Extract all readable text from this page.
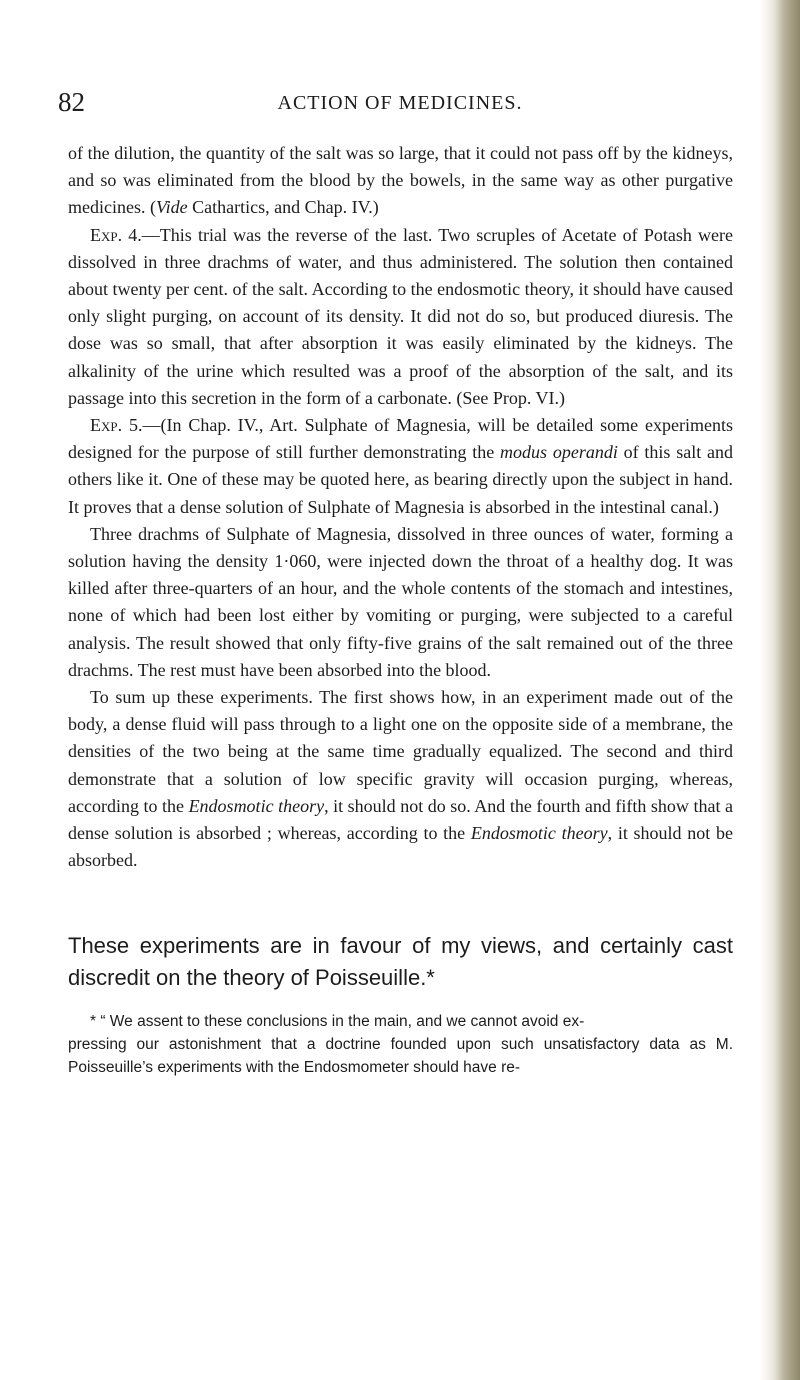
82	ACTION OF MEDICINES.

of the dilution, the quantity of the salt was so large, that it could not pass off by the kidneys, and so was eliminated from the blood by the bowels, in the same way as other purgative medicines. (Vide Cathartics, and Chap. IV.)

Exp. 4.—This trial was the reverse of the last. Two scruples of Acetate of Potash were dissolved in three drachms of water, and thus administered. The solution then contained about twenty per cent. of the salt. According to the endosmotic theory, it should have caused only slight purging, on account of its density. It did not do so, but produced diuresis. The dose was so small, that after absorption it was easily eliminated by the kidneys. The alkalinity of the urine which resulted was a proof of the absorption of the salt, and its passage into this secretion in the form of a carbonate. (See Prop. VI.)

Exp. 5.—(In Chap. IV., Art. Sulphate of Magnesia, will be detailed some experiments designed for the purpose of still further demonstrating the modus operandi of this salt and others like it. One of these may be quoted here, as bearing directly upon the subject in hand. It proves that a dense solution of Sulphate of Magnesia is absorbed in the intestinal canal.)

Three drachms of Sulphate of Magnesia, dissolved in three ounces of water, forming a solution having the density 1·060, were injected down the throat of a healthy dog. It was killed after three-quarters of an hour, and the whole contents of the stomach and intestines, none of which had been lost either by vomiting or purging, were subjected to a careful analysis. The result showed that only fifty-five grains of the salt remained out of the three drachms. The rest must have been absorbed into the blood.

To sum up these experiments. The first shows how, in an experiment made out of the body, a dense fluid will pass through to a light one on the opposite side of a membrane, the densities of the two being at the same time gradually equalized. The second and third demonstrate that a solution of low specific gravity will occasion purging, whereas, according to the Endosmotic theory, it should not do so. And the fourth and fifth show that a dense solution is absorbed ; whereas, according to the Endosmotic theory, it should not be absorbed.

These experiments are in favour of my views, and certainly cast discredit on the theory of Poisseuille.*

* “ We assent to these conclusions in the main, and we cannot avoid ex-
pressing our astonishment that a doctrine founded upon such unsatisfactory data as M. Poisseuille’s experiments with the Endosmometer should have re-
